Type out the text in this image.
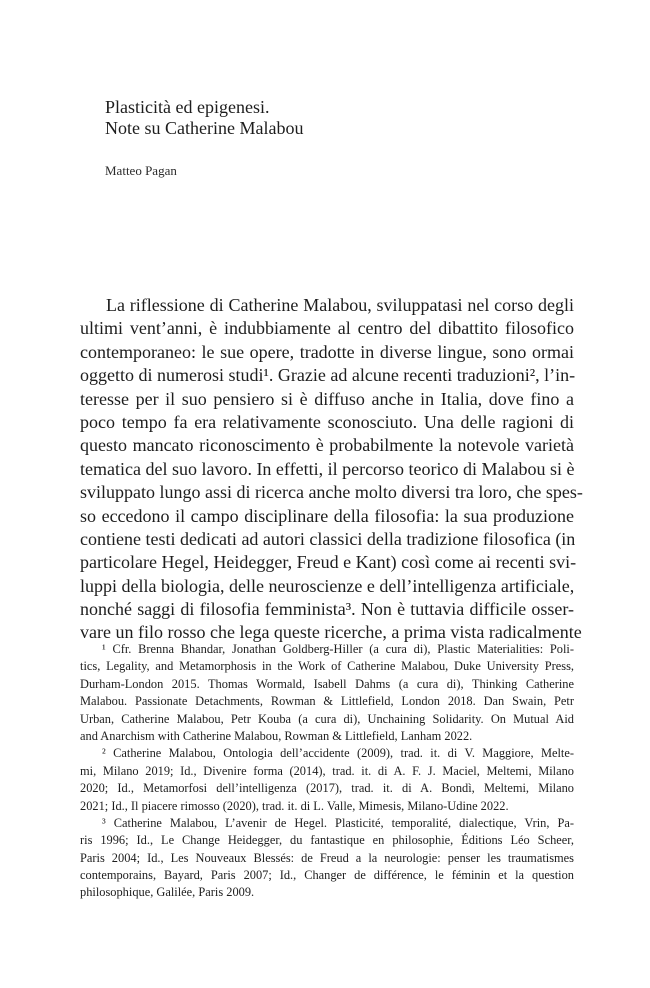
Plasticità ed epigenesi.
Note su Catherine Malabou
Matteo Pagan
La riflessione di Catherine Malabou, sviluppatasi nel corso degli
ultimi vent’anni, è indubbiamente al centro del dibattito filosofico
contemporaneo: le sue opere, tradotte in diverse lingue, sono ormai
oggetto di numerosi studi¹. Grazie ad alcune recenti traduzioni², l’in-
teresse per il suo pensiero si è diffuso anche in Italia, dove fino a
poco tempo fa era relativamente sconosciuto. Una delle ragioni di
questo mancato riconoscimento è probabilmente la notevole varietà
tematica del suo lavoro. In effetti, il percorso teorico di Malabou si è
sviluppato lungo assi di ricerca anche molto diversi tra loro, che spes-
so eccedono il campo disciplinare della filosofia: la sua produzione
contiene testi dedicati ad autori classici della tradizione filosofica (in
particolare Hegel, Heidegger, Freud e Kant) così come ai recenti svi-
luppi della biologia, delle neuroscienze e dell’intelligenza artificiale,
nonché saggi di filosofia femminista³. Non è tuttavia difficile osser-
vare un filo rosso che lega queste ricerche, a prima vista radicalmente
¹ Cfr. Brenna Bhandar, Jonathan Goldberg-Hiller (a cura di), Plastic Materialities: Poli-
tics, Legality, and Metamorphosis in the Work of Catherine Malabou, Duke University Press,
Durham-London 2015. Thomas Wormald, Isabell Dahms (a cura di), Thinking Catherine
Malabou. Passionate Detachments, Rowman & Littlefield, London 2018. Dan Swain, Petr
Urban, Catherine Malabou, Petr Kouba (a cura di), Unchaining Solidarity. On Mutual Aid
and Anarchism with Catherine Malabou, Rowman & Littlefield, Lanham 2022.
² Catherine Malabou, Ontologia dell’accidente (2009), trad. it. di V. Maggiore, Melte-
mi, Milano 2019; Id., Divenire forma (2014), trad. it. di A. F. J. Maciel, Meltemi, Milano
2020; Id., Metamorfosi dell’intelligenza (2017), trad. it. di A. Bondì, Meltemi, Milano
2021; Id., Il piacere rimosso (2020), trad. it. di L. Valle, Mimesis, Milano-Udine 2022.
³ Catherine Malabou, L’avenir de Hegel. Plasticité, temporalité, dialectique, Vrin, Pa-
ris 1996; Id., Le Change Heidegger, du fantastique en philosophie, Éditions Léo Scheer,
Paris 2004; Id., Les Nouveaux Blessés: de Freud a la neurologie: penser les traumatismes
contemporains, Bayard, Paris 2007; Id., Changer de différence, le féminin et la question
philosophique, Galilée, Paris 2009.
